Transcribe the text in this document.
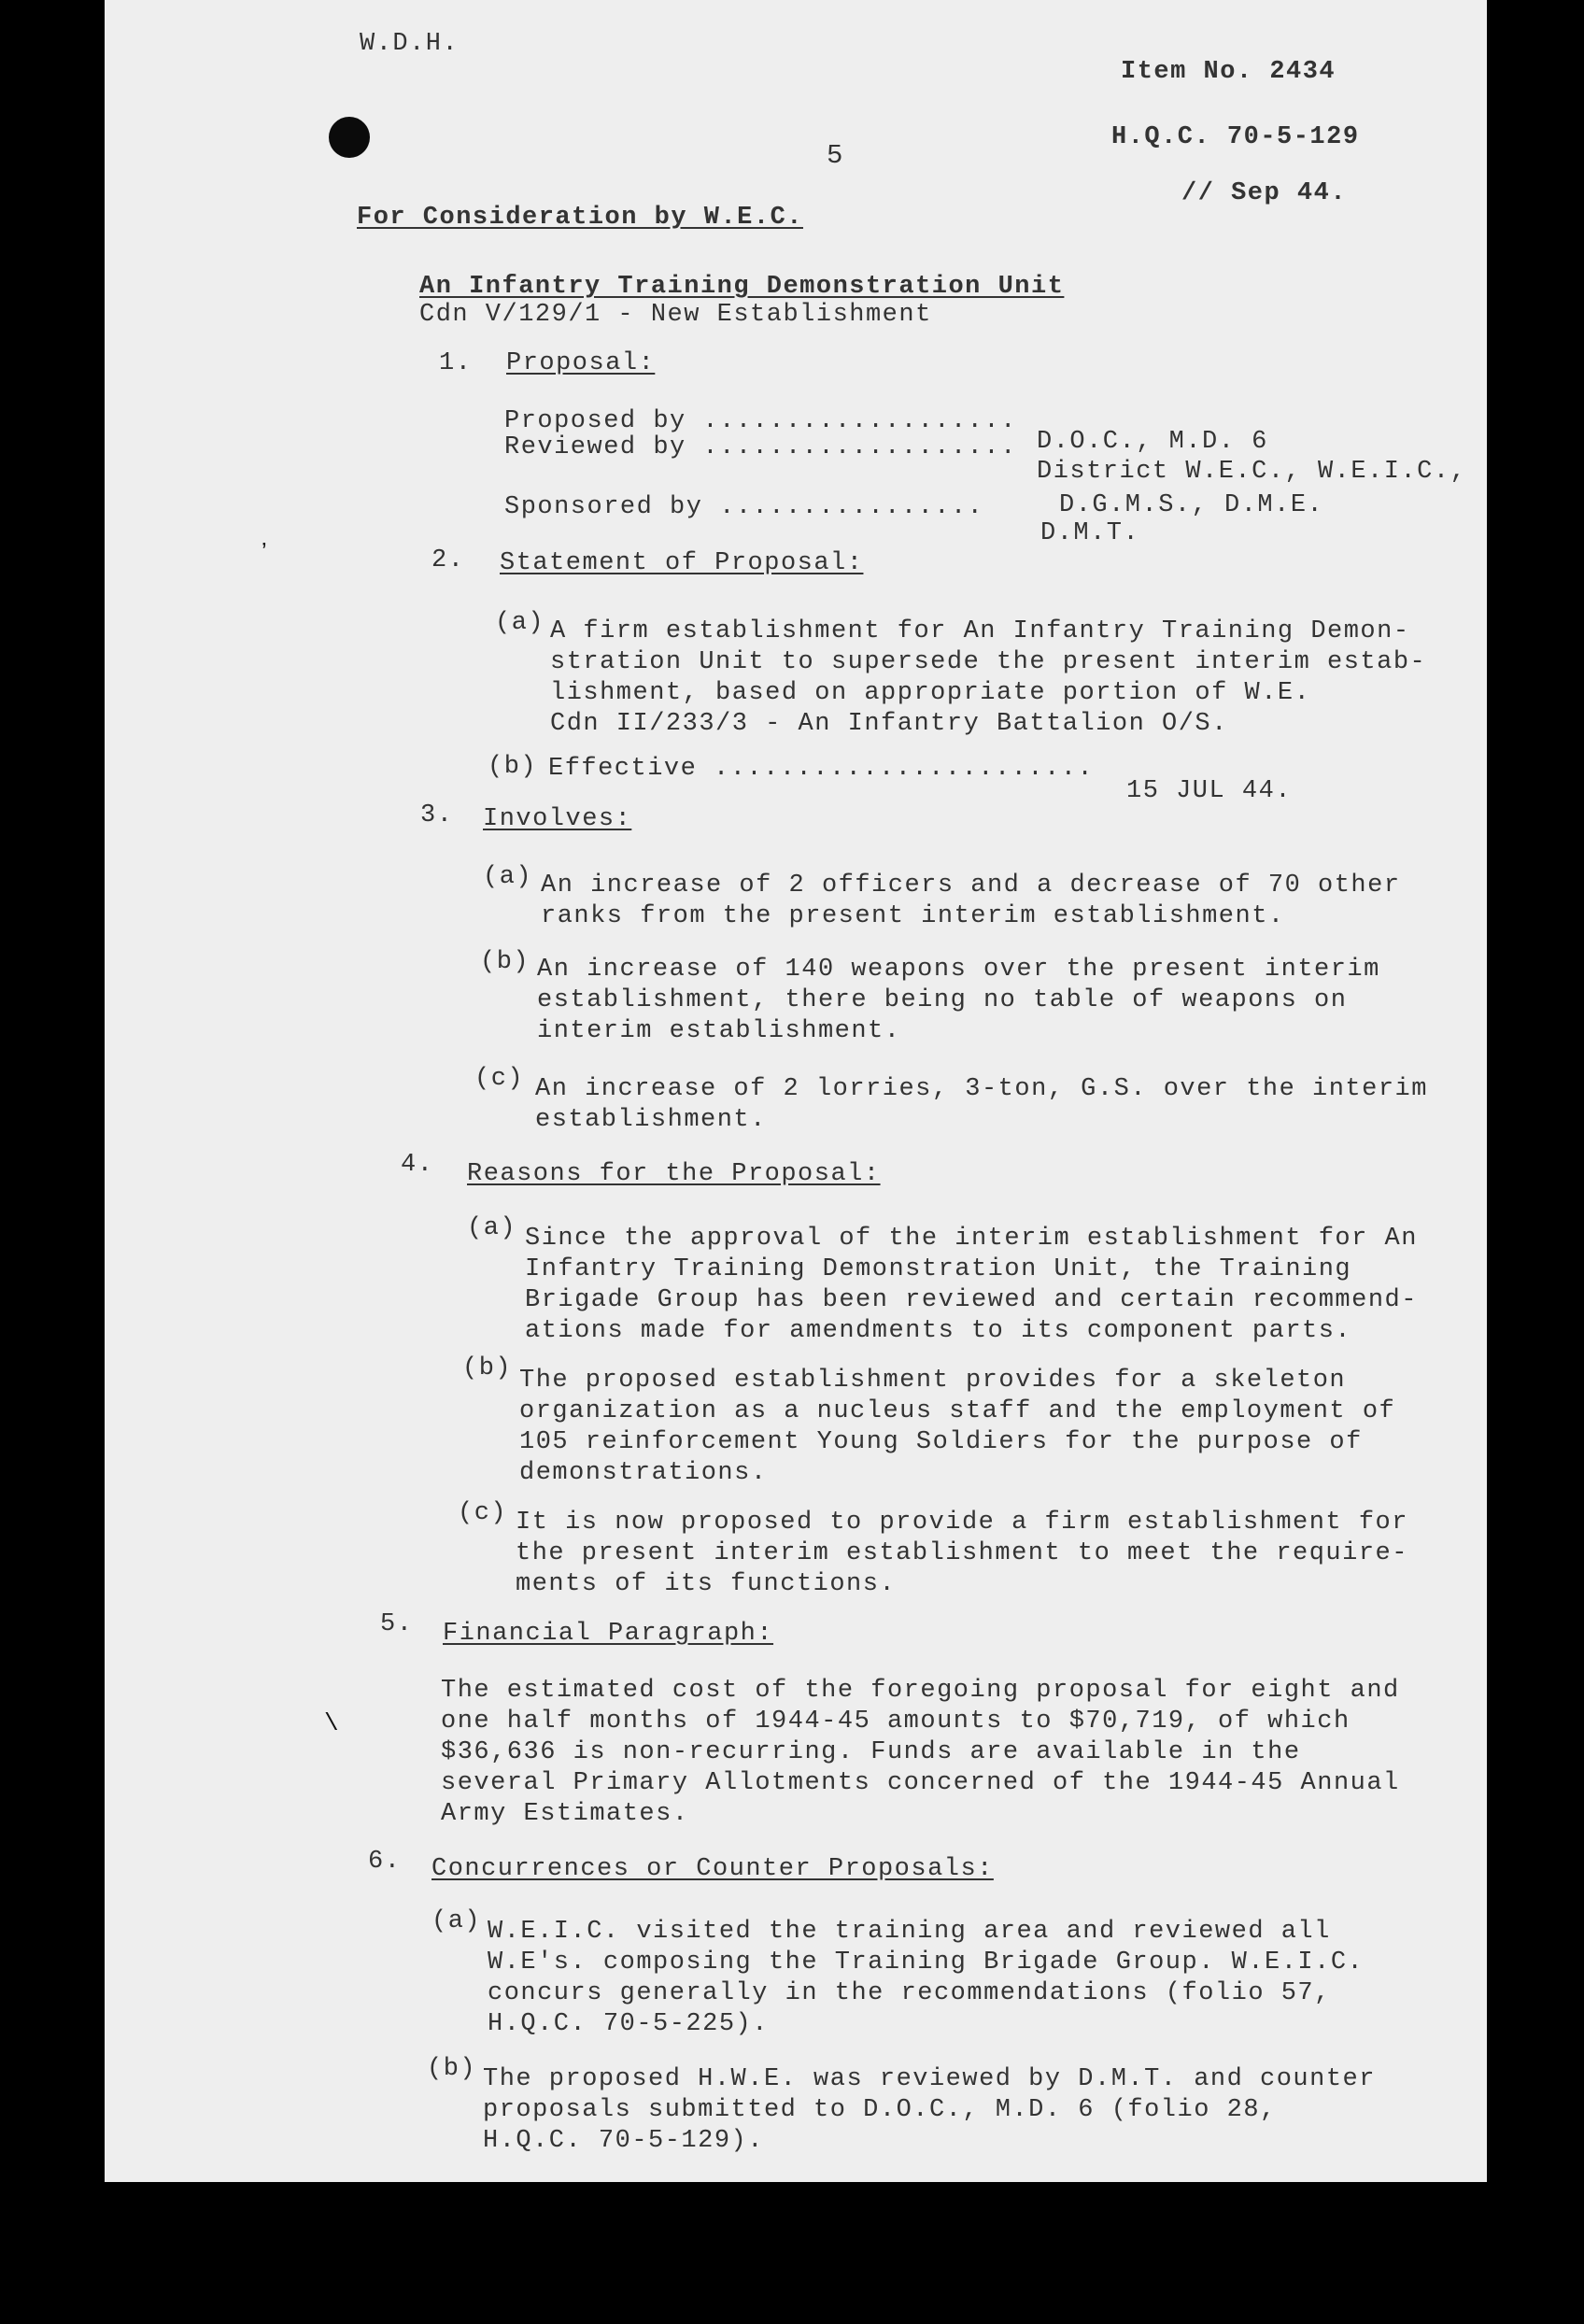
ʼ
\
W.D.H.
Item No. 2434
H.Q.C. 70-5-129
5
// Sep 44.
For Consideration by W.E.C.
An Infantry Training Demonstration Unit
Cdn V/129/1 - New Establishment
1. Proposal:
Proposed by ...................
D.O.C., M.D. 6
Reviewed by ...................
District W.E.C., W.E.I.C.,
D.G.M.S., D.M.E.
Sponsored by ................
D.M.T.
2. Statement of Proposal:
(a) A firm establishment for An Infantry Training Demon-
stration Unit to supersede the present interim estab-
lishment, based on appropriate portion of W.E.
Cdn II/233/3 - An Infantry Battalion O/S.
(b) Effective .......................
15 JUL 44.
3. Involves:
(a) An increase of 2 officers and a decrease of 70 other
ranks from the present interim establishment.
(b) An increase of 140 weapons over the present interim
establishment, there being no table of weapons on
interim establishment.
(c) An increase of 2 lorries, 3-ton, G.S. over the interim
establishment.
4. Reasons for the Proposal:
(a) Since the approval of the interim establishment for An
Infantry Training Demonstration Unit, the Training
Brigade Group has been reviewed and certain recommend-
ations made for amendments to its component parts.
(b) The proposed establishment provides for a skeleton
organization as a nucleus staff and the employment of
105 reinforcement Young Soldiers for the purpose of
demonstrations.
(c) It is now proposed to provide a firm establishment for
the present interim establishment to meet the require-
ments of its functions.
5. Financial Paragraph:
The estimated cost of the foregoing proposal for eight and
one half months of 1944-45 amounts to $70,719, of which
$36,636 is non-recurring. Funds are available in the
several Primary Allotments concerned of the 1944-45 Annual
Army Estimates.
6. Concurrences or Counter Proposals:
(a) W.E.I.C. visited the training area and reviewed all
W.E's. composing the Training Brigade Group. W.E.I.C.
concurs generally in the recommendations (folio 57,
H.Q.C. 70-5-225).
(b) The proposed H.W.E. was reviewed by D.M.T. and counter
proposals submitted to D.O.C., M.D. 6 (folio 28,
H.Q.C. 70-5-129).
